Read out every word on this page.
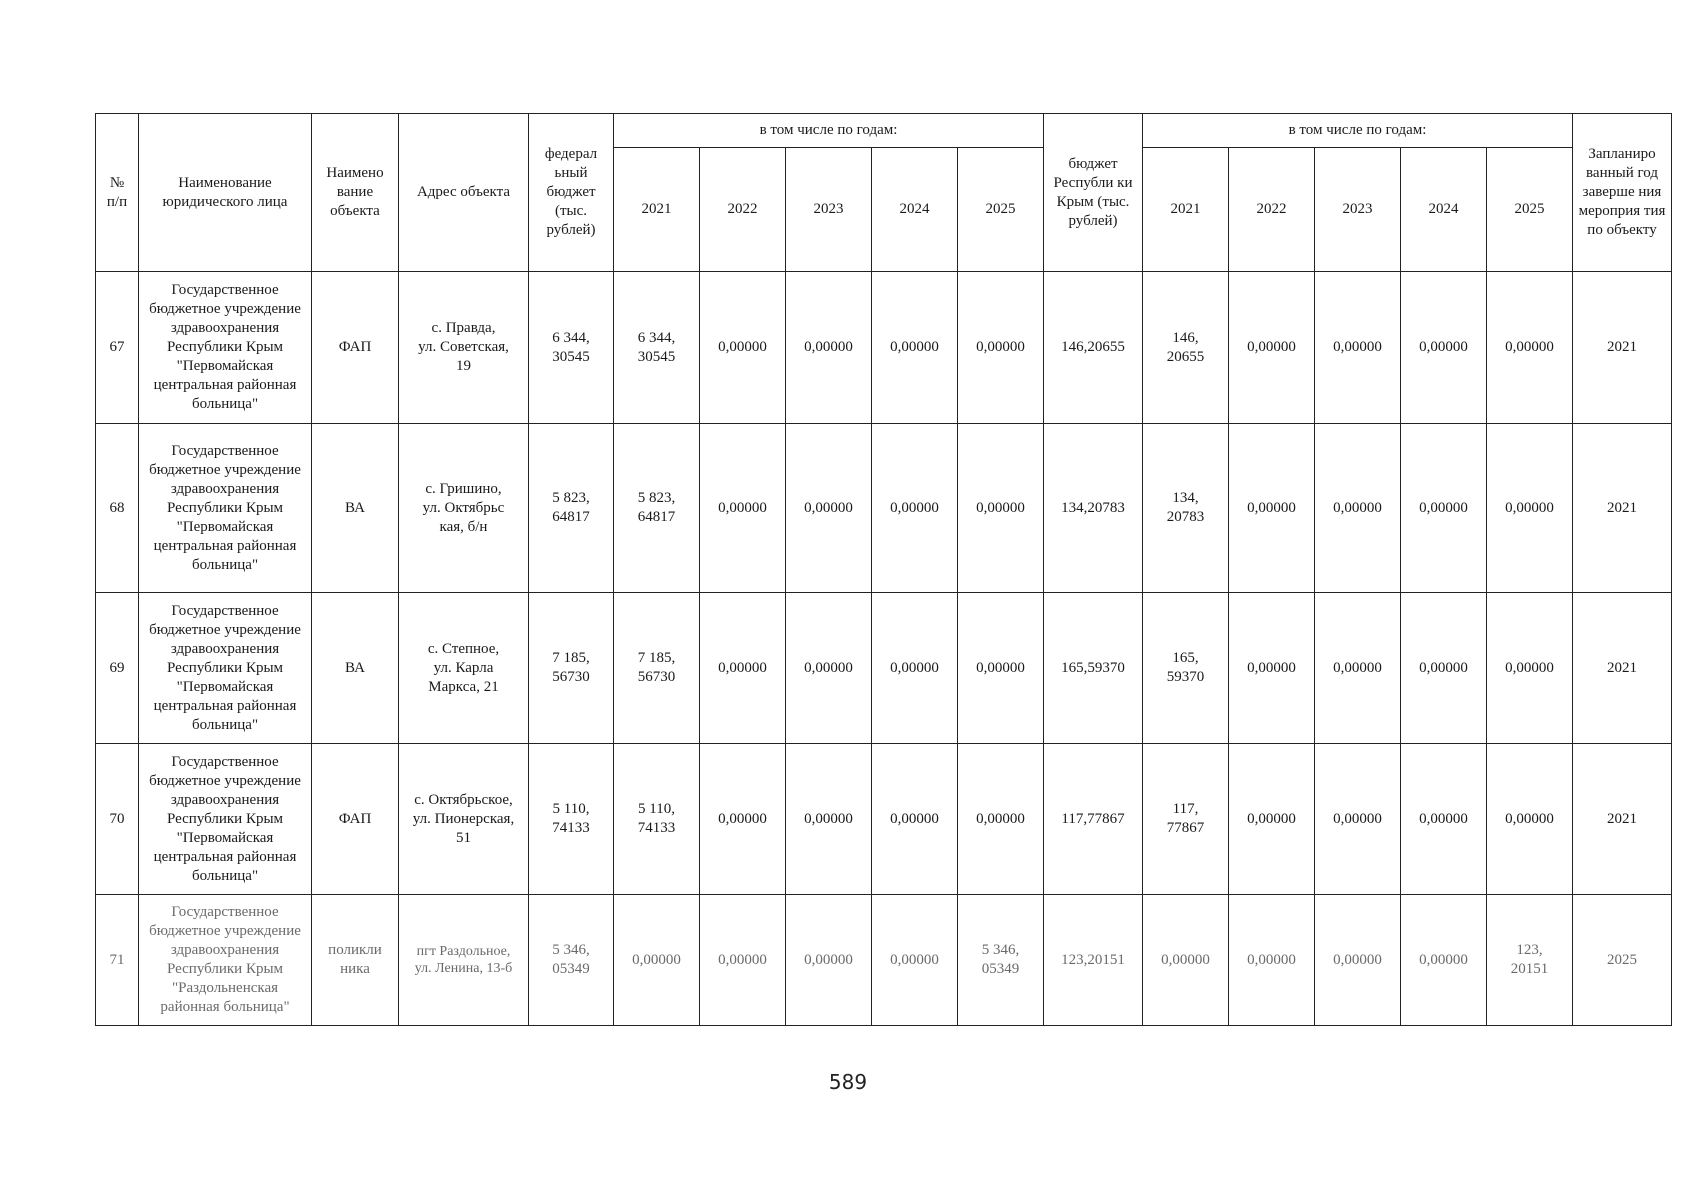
№
п/п	Наименование юридического лица	Наимено вание объекта	Адрес объекта	федерал ьный бюджет (тыс. рублей)	в том числе по годам:					бюджет Республи ки Крым (тыс. рублей)	в том числе по годам:					Запланиро ванный год заверше ния мероприя тия по объекту
					2021	2022	2023	2024	2025		2021	2022	2023	2024	2025	
67	Государственное бюджетное учреждение здравоохранения Республики Крым "Первомайская центральная районная больница"	ФАП	с. Правда,
ул. Советская,
19	6 344,
30545	6 344,
30545	0,00000	0,00000	0,00000	0,00000	146,20655	146,
20655	0,00000	0,00000	0,00000	0,00000	2021
68	Государственное бюджетное учреждение здравоохранения Республики Крым "Первомайская центральная районная больница"	ВА	с. Гришино,
ул. Октябрьс
кая, б/н	5 823,
64817	5 823,
64817	0,00000	0,00000	0,00000	0,00000	134,20783	134,
20783	0,00000	0,00000	0,00000	0,00000	2021
69	Государственное бюджетное учреждение здравоохранения Республики Крым "Первомайская центральная районная больница"	ВА	с. Степное,
ул. Карла
Маркса, 21	7 185,
56730	7 185,
56730	0,00000	0,00000	0,00000	0,00000	165,59370	165,
59370	0,00000	0,00000	0,00000	0,00000	2021
70	Государственное бюджетное учреждение здравоохранения Республики Крым "Первомайская центральная районная больница"	ФАП	с. Октябрьское,
ул. Пионерская,
51	5 110,
74133	5 110,
74133	0,00000	0,00000	0,00000	0,00000	117,77867	117,
77867	0,00000	0,00000	0,00000	0,00000	2021
71	Государственное бюджетное учреждение здравоохранения Республики Крым "Раздольненская районная больница"	поликли ника	пгт Раздольное,
ул. Ленина, 13-б	5 346,
05349	0,00000	0,00000	0,00000	0,00000	5 346,
05349	123,20151	0,00000	0,00000	0,00000	0,00000	123,
20151	2025
589
